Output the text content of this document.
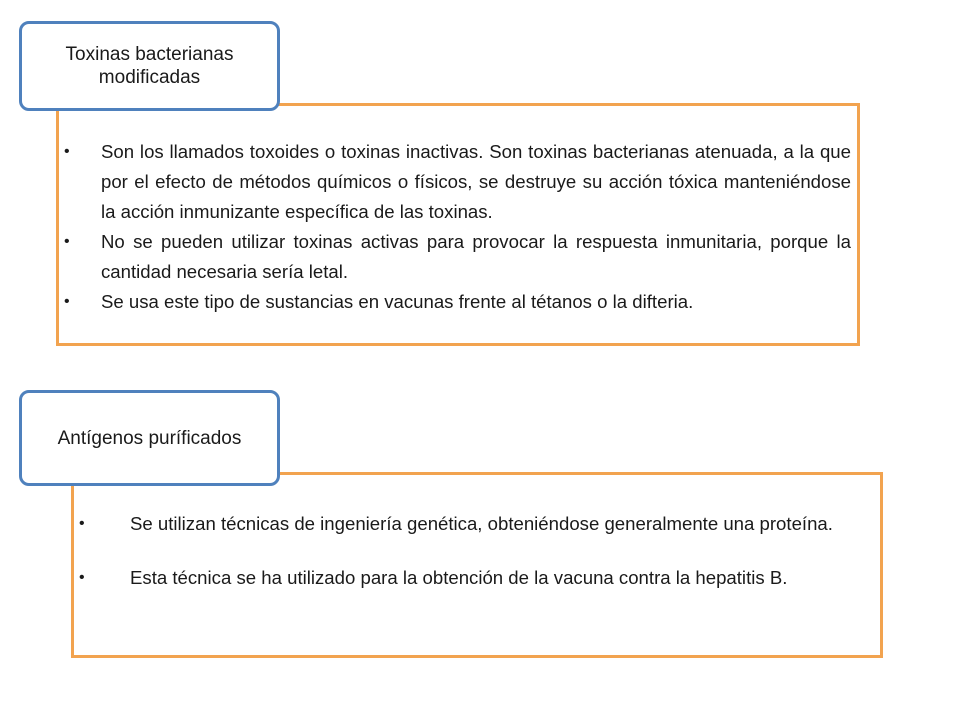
• Son los llamados toxoides o toxinas inactivas. Son toxinas bacterianas atenuada, a la que por el efecto de métodos químicos o físicos, se destruye su acción tóxica manteniéndose la acción inmunizante específica de las toxinas.
• No se pueden utilizar toxinas activas para provocar la respuesta inmunitaria, porque la cantidad necesaria sería letal.
• Se usa este tipo de sustancias en vacunas frente al tétanos o la difteria.
Toxinas bacterianas modificadas
• Se utilizan técnicas de ingeniería genética, obteniéndose generalmente una proteína.
• Esta técnica se ha utilizado para la obtención de la vacuna contra la hepatitis B.
Antígenos puríficados
